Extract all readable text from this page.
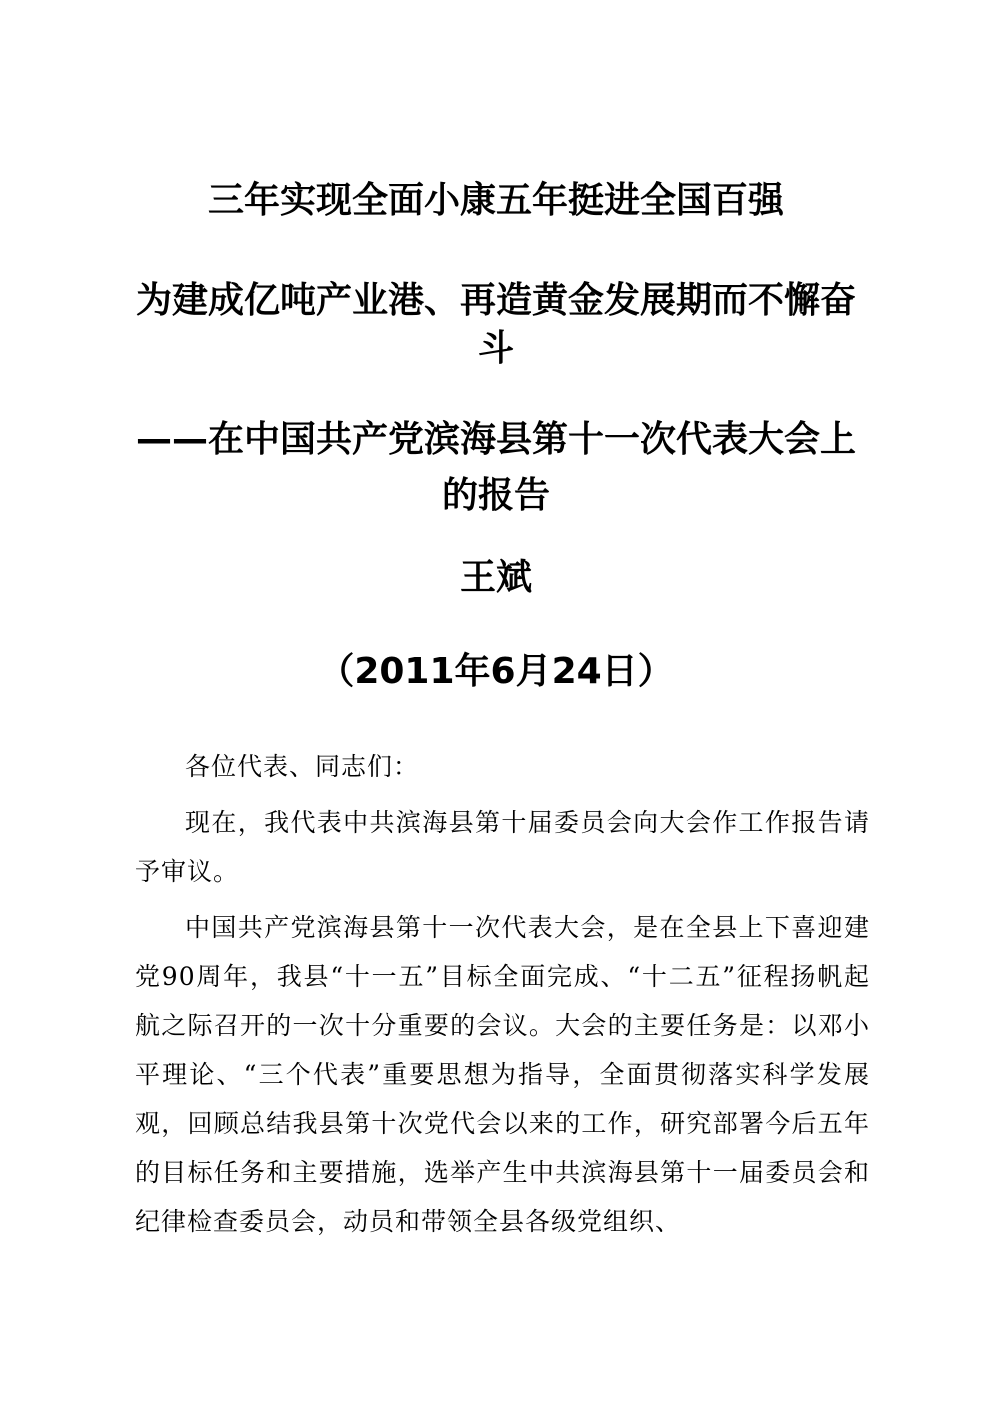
三年实现全面小康五年挺进全国百强
为建成亿吨产业港、再造黄金发展期而不懈奋斗
——在中国共产党滨海县第十一次代表大会上的报告
王斌
（2011年6月24日）

各位代表、同志们：

现在，我代表中共滨海县第十届委员会向大会作工作报告请予审议。

中国共产党滨海县第十一次代表大会，是在全县上下喜迎建党90周年，我县“十一五”目标全面完成、“十二五”征程扬帆起航之际召开的一次十分重要的会议。大会的主要任务是：以邓小平理论、“三个代表”重要思想为指导，全面贯彻落实科学发展观，回顾总结我县第十次党代会以来的工作，研究部署今后五年的目标任务和主要措施，选举产生中共滨海县第十一届委员会和纪律检查委员会，动员和带领全县各级党组织、
